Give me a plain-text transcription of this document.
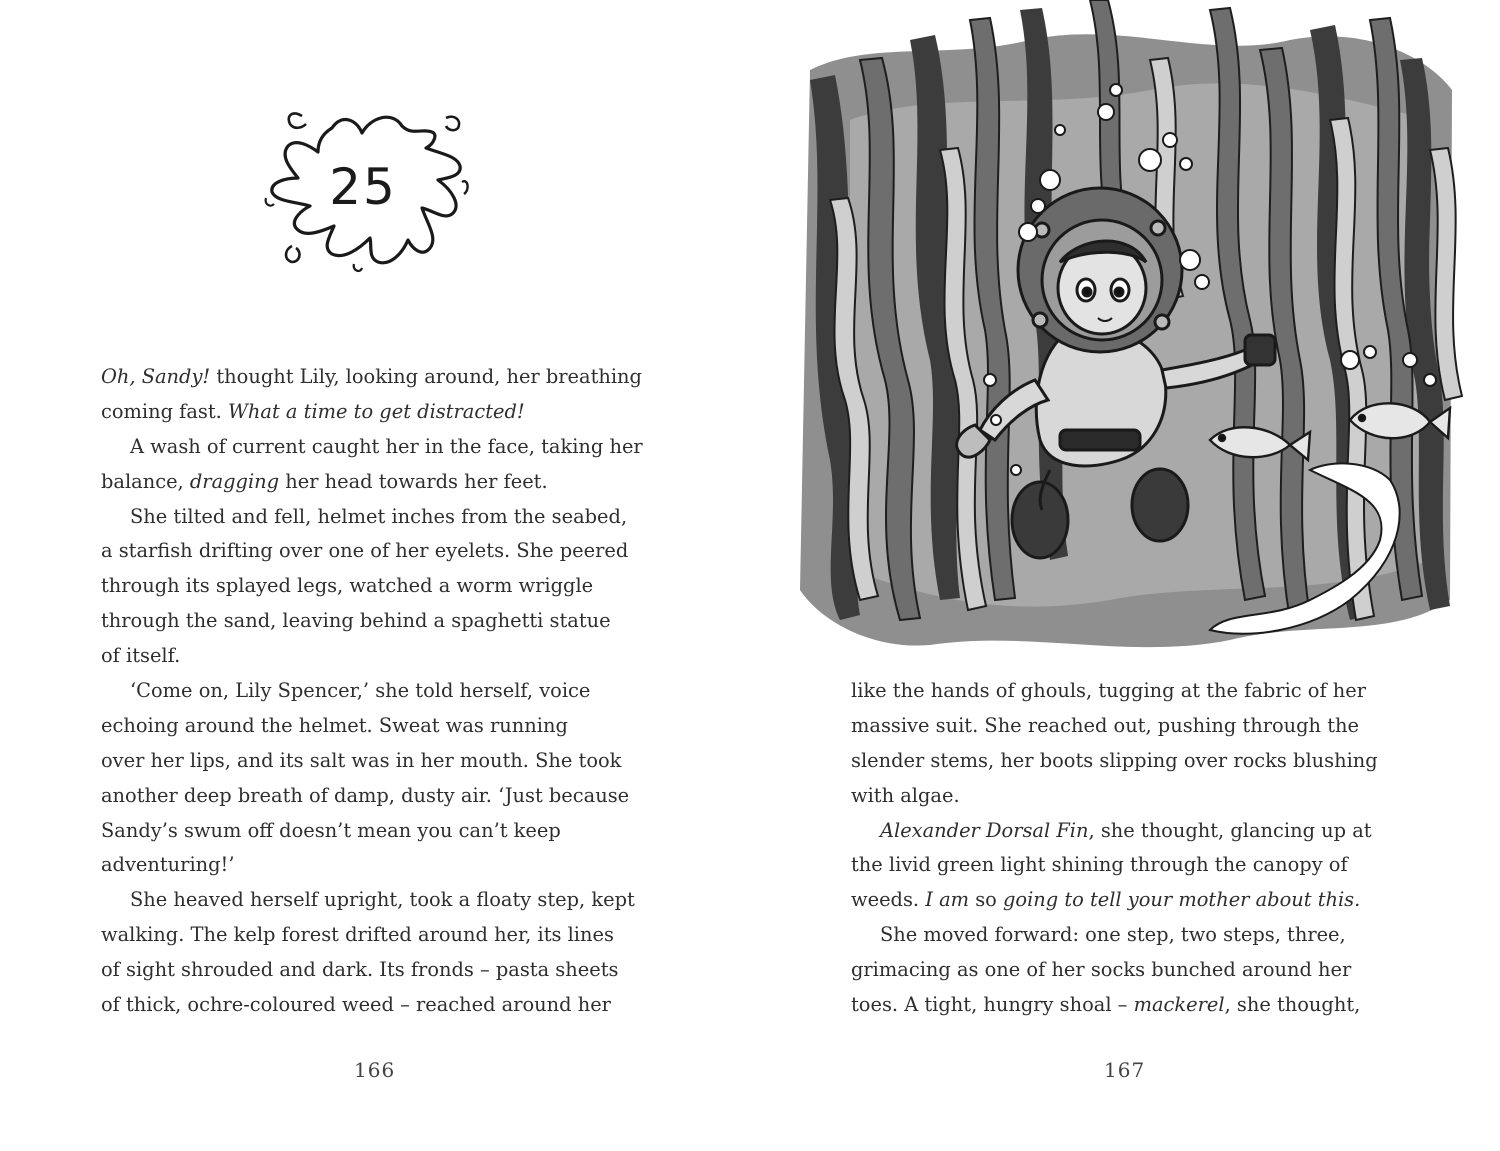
25
Oh, Sandy! thought Lily, looking around, her breathing
coming fast. What a time to get distracted!
A wash of current caught her in the face, taking her
balance, dragging her head towards her feet.
She tilted and fell, helmet inches from the seabed,
a starfish drifting over one of her eyelets. She peered
through its splayed legs, watched a worm wriggle
through the sand, leaving behind a spaghetti statue
of itself.
‘Come on, Lily Spencer,’ she told herself, voice
echoing around the helmet. Sweat was running
over her lips, and its salt was in her mouth. She took
another deep breath of damp, dusty air. ‘Just because
Sandy’s swum off doesn’t mean you can’t keep
adventuring!’
She heaved herself upright, took a floaty step, kept
walking. The kelp forest drifted around her, its lines
of sight shrouded and dark. Its fronds – pasta sheets
of thick, ochre-coloured weed – reached around her
166
like the hands of ghouls, tugging at the fabric of her
massive suit. She reached out, pushing through the
slender stems, her boots slipping over rocks blushing
with algae.
Alexander Dorsal Fin, she thought, glancing up at
the livid green light shining through the canopy of
weeds. I am so going to tell your mother about this.
She moved forward: one step, two steps, three,
grimacing as one of her socks bunched around her
toes. A tight, hungry shoal – mackerel, she thought,
167
